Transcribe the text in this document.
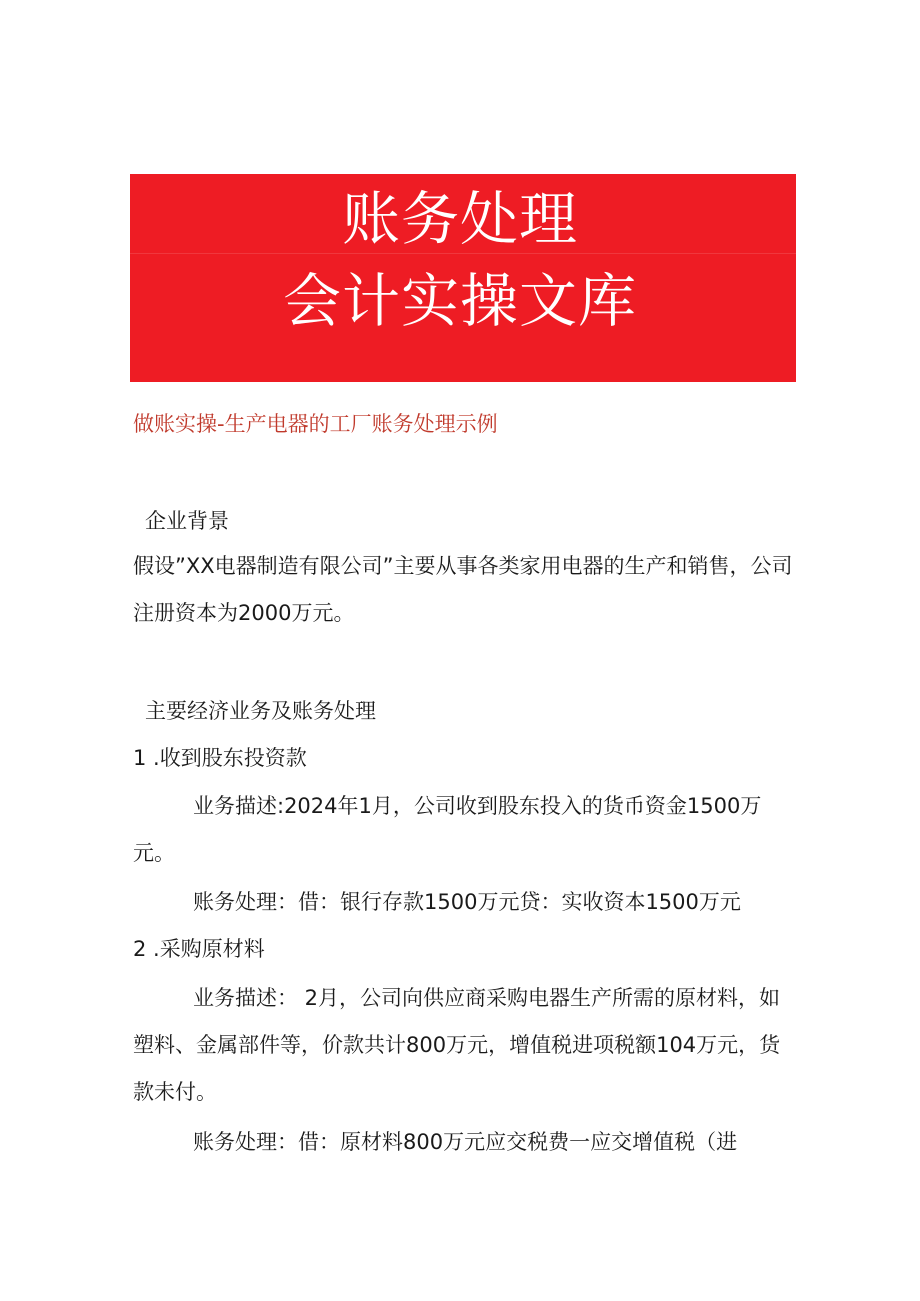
账务处理
会计实操文库
做账实操-生产电器的工厂账务处理示例
企业背景
假设”XX电器制造有限公司”主要从事各类家用电器的生产和销售，公司注册资本为2000万元。
主要经济业务及账务处理
1 .收到股东投资款
业务描述:2024年1月，公司收到股东投入的货币资金1500万元。
账务处理：借：银行存款1500万元贷：实收资本1500万元
2 .采购原材料
业务描述： 2月，公司向供应商采购电器生产所需的原材料，如塑料、金属部件等，价款共计800万元，增值税进项税额104万元，货款未付。
账务处理：借：原材料800万元应交税费一应交增值税（进
